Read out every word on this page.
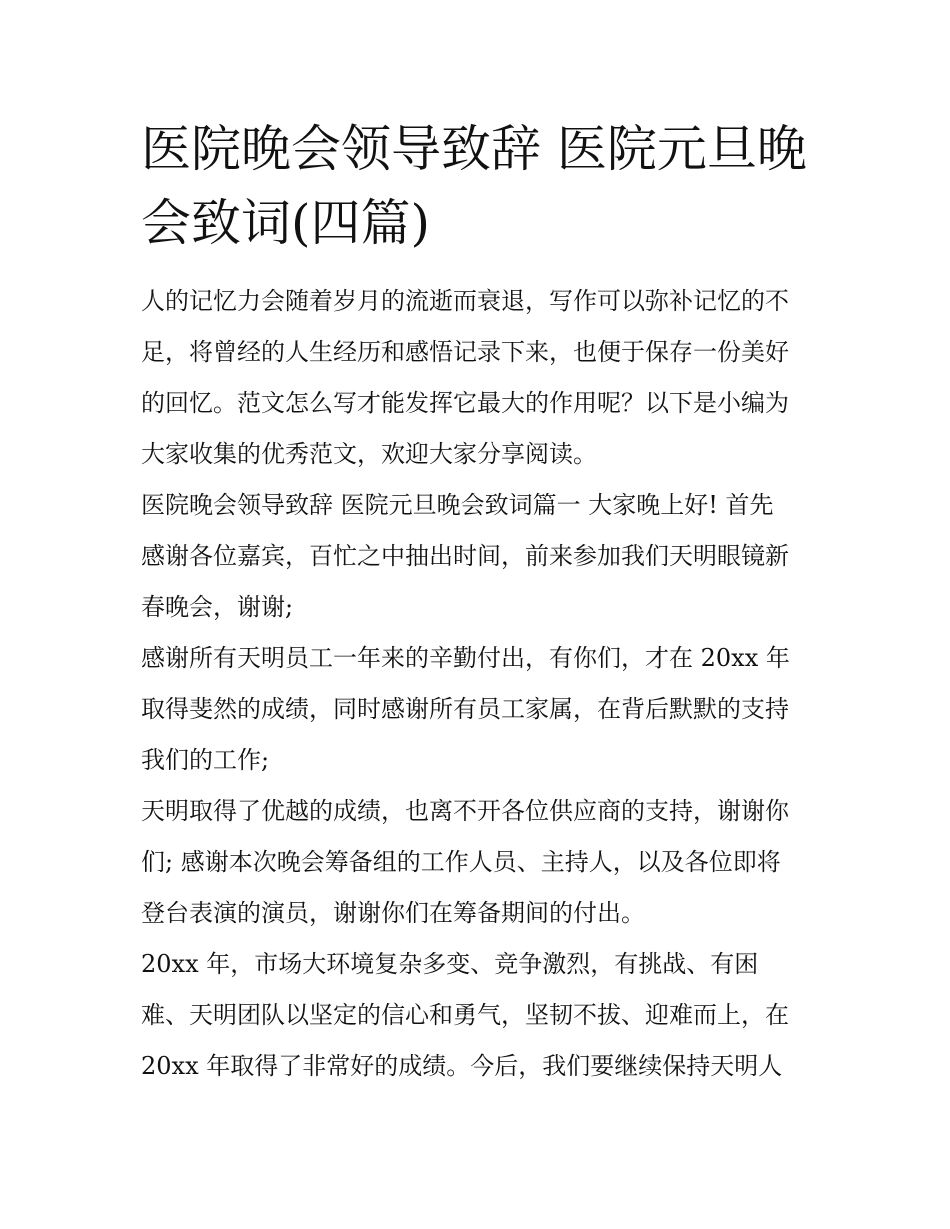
医院晚会领导致辞 医院元旦晚
会致词(四篇)

人的记忆力会随着岁月的流逝而衰退，写作可以弥补记忆的不
足，将曾经的人生经历和感悟记录下来，也便于保存一份美好
的回忆。范文怎么写才能发挥它最大的作用呢？以下是小编为
大家收集的优秀范文，欢迎大家分享阅读。

医院晚会领导致辞 医院元旦晚会致词篇一 大家晚上好! 首先
感谢各位嘉宾，百忙之中抽出时间，前来参加我们天明眼镜新
春晚会，谢谢;

感谢所有天明员工一年来的辛勤付出，有你们，才在 20xx 年
取得斐然的成绩，同时感谢所有员工家属，在背后默默的支持
我们的工作;

天明取得了优越的成绩，也离不开各位供应商的支持，谢谢你
们; 感谢本次晚会筹备组的工作人员、主持人，以及各位即将
登台表演的演员，谢谢你们在筹备期间的付出。

20xx 年，市场大环境复杂多变、竞争激烈，有挑战、有困
难、天明团队以坚定的信心和勇气，坚韧不拔、迎难而上，在
20xx 年取得了非常好的成绩。今后，我们要继续保持天明人
